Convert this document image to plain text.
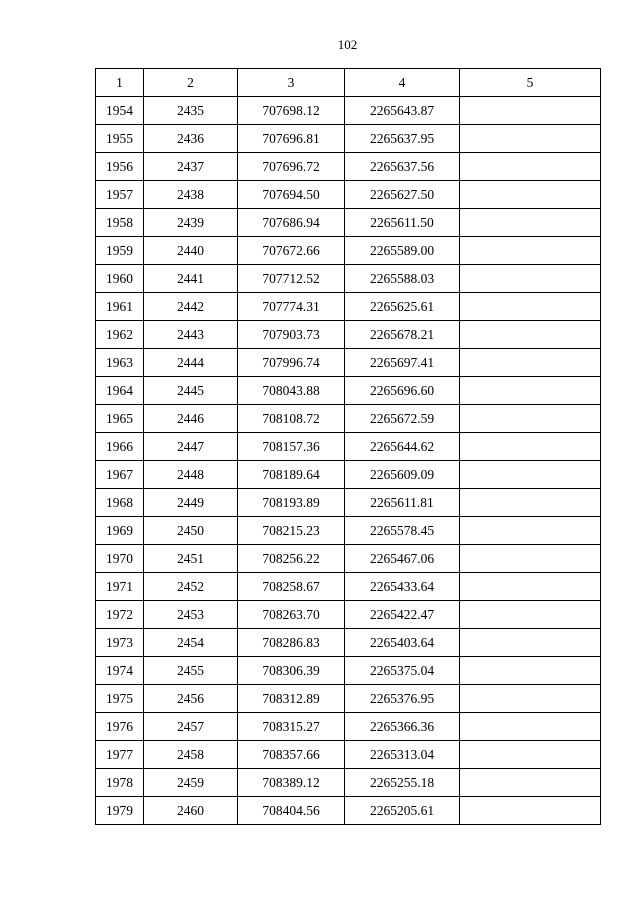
102
1	2	3	4	5
1954	2435	707698.12	2265643.87	
1955	2436	707696.81	2265637.95	
1956	2437	707696.72	2265637.56	
1957	2438	707694.50	2265627.50	
1958	2439	707686.94	2265611.50	
1959	2440	707672.66	2265589.00	
1960	2441	707712.52	2265588.03	
1961	2442	707774.31	2265625.61	
1962	2443	707903.73	2265678.21	
1963	2444	707996.74	2265697.41	
1964	2445	708043.88	2265696.60	
1965	2446	708108.72	2265672.59	
1966	2447	708157.36	2265644.62	
1967	2448	708189.64	2265609.09	
1968	2449	708193.89	2265611.81	
1969	2450	708215.23	2265578.45	
1970	2451	708256.22	2265467.06	
1971	2452	708258.67	2265433.64	
1972	2453	708263.70	2265422.47	
1973	2454	708286.83	2265403.64	
1974	2455	708306.39	2265375.04	
1975	2456	708312.89	2265376.95	
1976	2457	708315.27	2265366.36	
1977	2458	708357.66	2265313.04	
1978	2459	708389.12	2265255.18	
1979	2460	708404.56	2265205.61	
